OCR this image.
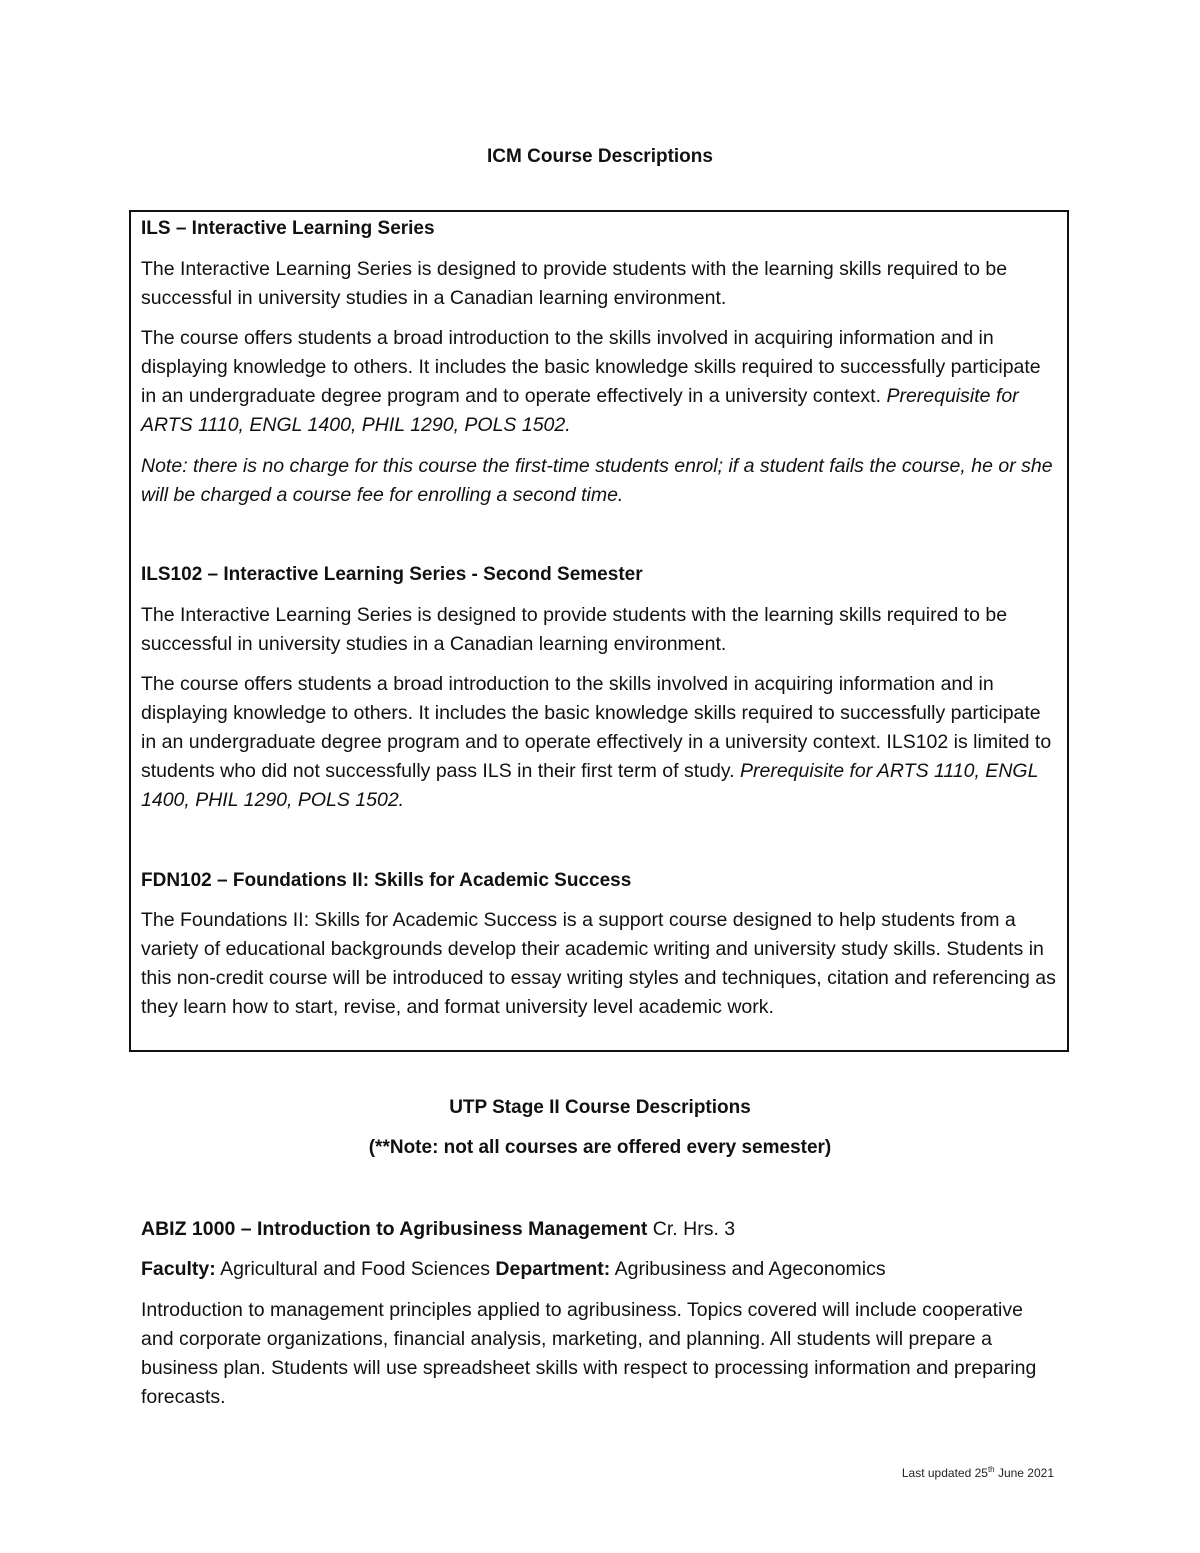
ICM Course Descriptions

ILS – Interactive Learning Series

The Interactive Learning Series is designed to provide students with the learning skills required to be successful in university studies in a Canadian learning environment.

The course offers students a broad introduction to the skills involved in acquiring information and in displaying knowledge to others. It includes the basic knowledge skills required to successfully participate in an undergraduate degree program and to operate effectively in a university context. Prerequisite for ARTS 1110, ENGL 1400, PHIL 1290, POLS 1502.

Note: there is no charge for this course the first-time students enrol; if a student fails the course, he or she will be charged a course fee for enrolling a second time.

ILS102 – Interactive Learning Series - Second Semester

The Interactive Learning Series is designed to provide students with the learning skills required to be successful in university studies in a Canadian learning environment.

The course offers students a broad introduction to the skills involved in acquiring information and in displaying knowledge to others. It includes the basic knowledge skills required to successfully participate in an undergraduate degree program and to operate effectively in a university context. ILS102 is limited to students who did not successfully pass ILS in their first term of study. Prerequisite for ARTS 1110, ENGL 1400, PHIL 1290, POLS 1502.

FDN102 – Foundations II: Skills for Academic Success

The Foundations II: Skills for Academic Success is a support course designed to help students from a variety of educational backgrounds develop their academic writing and university study skills. Students in this non-credit course will be introduced to essay writing styles and techniques, citation and referencing as they learn how to start, revise, and format university level academic work.

UTP Stage II Course Descriptions

(**Note: not all courses are offered every semester)

ABIZ 1000 – Introduction to Agribusiness Management Cr. Hrs. 3

Faculty: Agricultural and Food Sciences Department: Agribusiness and Ageconomics

Introduction to management principles applied to agribusiness. Topics covered will include cooperative and corporate organizations, financial analysis, marketing, and planning. All students will prepare a business plan. Students will use spreadsheet skills with respect to processing information and preparing forecasts.

Last updated 25th June 2021
